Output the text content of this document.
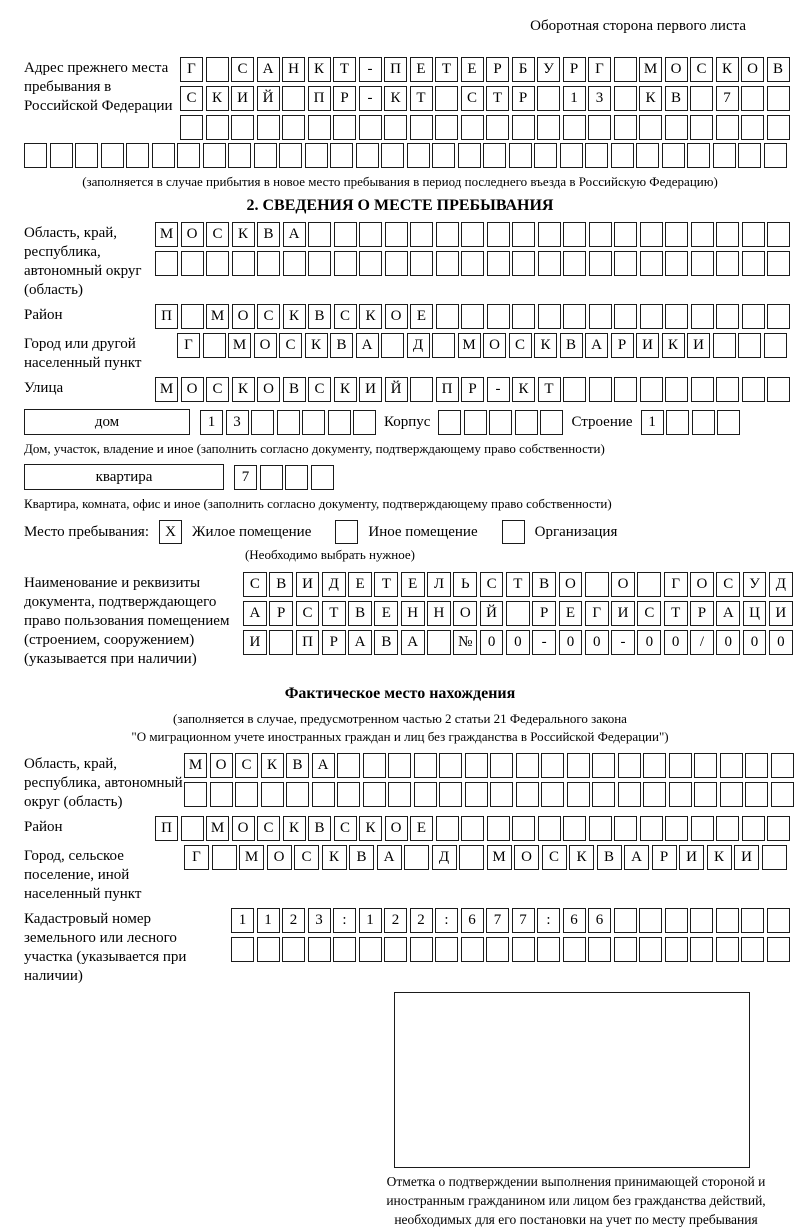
Оборотная сторона первого листа
Адрес прежнего места пребывания в Российской Федерации
Г	С	А Н	К	Т	-	П	Е	Т	Е	Р	Б	У	Р	Г	М О	С	К	О	В
С	К	И Й	П	Р	-	К	Т	С	Т	Р	1	3	К	В	7
(заполняется в случае прибытия в новое место пребывания в период последнего въезда в Российскую Федерацию)
2. СВЕДЕНИЯ О МЕСТЕ ПРЕБЫВАНИЯ
Область, край, республика, автономный округ (область)
М О	С	К	В	А
Район	П	М О	С	К	В	С	К	О	Е
Город или другой населенный пункт
Г	М О	С	К	В	А	Д	М О	С	К	В	А	Р	И	К	И
Улица	М О	С	К	О	В	С	К	И Й	П	Р	-	К	Т
дом	1	3	Корпус	Строение	1
Дом, участок, владение и иное (заполнить согласно документу, подтверждающему право собственности)
квартира	7
Квартира, комната, офис и иное (заполнить согласно документу, подтверждающему право собственности)
Место пребывания:	X	Жилое помещение	Иное помещение	Организация
(Необходимо выбрать нужное)
Наименование и реквизиты документа, подтверждающего право пользования помещением (строением, сооружением) (указывается при наличии)
С	В	И	Д	Е	Т	Е	Л	Ь	С	Т	В	О	О	Г	О	С	У	Д
А	Р	С	Т	В	Е	Н	Н	О	Й	Р	Е	Г	И	С	Т	Р	А	Ц	И
И	П	Р	А	В	А	№	0	0	-	0	0	-	0	0	/	0	0	0
Фактическое место нахождения
(заполняется в случае, предусмотренном частью 2 статьи 21 Федерального закона
"О миграционном учете иностранных граждан и лиц без гражданства в Российской Федерации")
Область, край, республика, автономный округ (область)
М О	С	К	В	А
Район	П	М О	С	К	В	С	К	О	Е
Город, сельское поселение, иной населенный пункт
Г	М	О	С	К	В	А	Д	М	О	С	К	В	А	Р	И	К	И
Кадастровый номер земельного или лесного участка (указывается при наличии)
1	1	2	3	:	1	2	2	:	6	7	7	:	6	6
Отметка о подтверждении выполнения принимающей стороной и иностранным гражданином или лицом без гражданства действий, необходимых для его постановки на учет по месту пребывания
